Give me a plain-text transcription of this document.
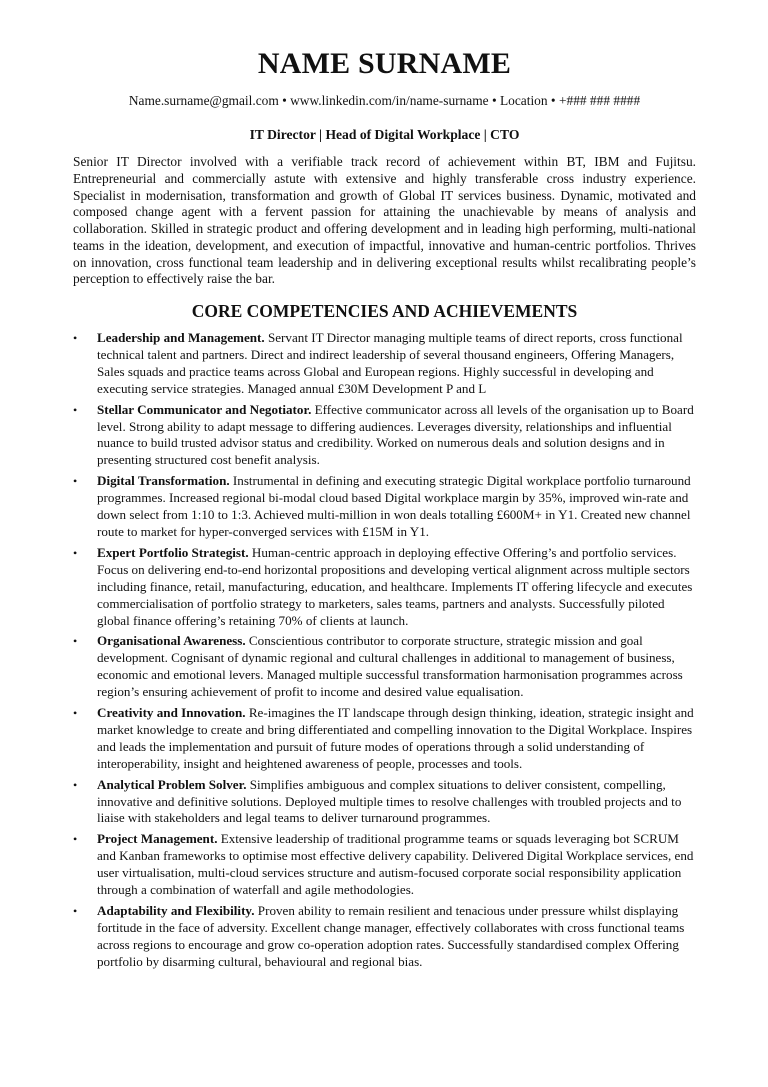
NAME SURNAME
Name.surname@gmail.com • www.linkedin.com/in/name-surname • Location • +### ### ####
IT Director | Head of Digital Workplace | CTO

Senior IT Director involved with a verifiable track record of achievement within BT, IBM and Fujitsu. Entrepreneurial and commercially astute with extensive and highly transferable cross industry experience. Specialist in modernisation, transformation and growth of Global IT services business. Dynamic, motivated and composed change agent with a fervent passion for attaining the unachievable by means of analysis and collaboration. Skilled in strategic product and offering development and in leading high performing, multi-national teams in the ideation, development, and execution of impactful, innovative and human-centric portfolios. Thrives on innovation, cross functional team leadership and in delivering exceptional results whilst recalibrating people’s perception to effectively raise the bar.

CORE COMPETENCIES AND ACHIEVEMENTS
• Leadership and Management. Servant IT Director managing multiple teams of direct reports, cross functional technical talent and partners. Direct and indirect leadership of several thousand engineers, Offering Managers, Sales squads and practice teams across Global and European regions. Highly successful in developing and executing service strategies. Managed annual £30M Development P and L
• Stellar Communicator and Negotiator. Effective communicator across all levels of the organisation up to Board level. Strong ability to adapt message to differing audiences. Leverages diversity, relationships and influential nuance to build trusted advisor status and credibility. Worked on numerous deals and solution designs and in presenting structured cost benefit analysis.
• Digital Transformation. Instrumental in defining and executing strategic Digital workplace portfolio turnaround programmes. Increased regional bi-modal cloud based Digital workplace margin by 35%, improved win-rate and down select from 1:10 to 1:3. Achieved multi-million in won deals totalling £600M+ in Y1. Created new channel route to market for hyper-converged services with £15M in Y1.
• Expert Portfolio Strategist. Human-centric approach in deploying effective Offering’s and portfolio services. Focus on delivering end-to-end horizontal propositions and developing vertical alignment across multiple sectors including finance, retail, manufacturing, education, and healthcare. Implements IT offering lifecycle and executes commercialisation of portfolio strategy to marketers, sales teams, partners and analysts. Successfully piloted global finance offering’s retaining 70% of clients at launch.
• Organisational Awareness. Conscientious contributor to corporate structure, strategic mission and goal development. Cognisant of dynamic regional and cultural challenges in additional to management of business, economic and emotional levers. Managed multiple successful transformation harmonisation programmes across region’s ensuring achievement of profit to income and desired value equalisation.
• Creativity and Innovation. Re-imagines the IT landscape through design thinking, ideation, strategic insight and market knowledge to create and bring differentiated and compelling innovation to the Digital Workplace. Inspires and leads the implementation and pursuit of future modes of operations through a solid understanding of interoperability, insight and heightened awareness of people, processes and tools.
• Analytical Problem Solver. Simplifies ambiguous and complex situations to deliver consistent, compelling, innovative and definitive solutions. Deployed multiple times to resolve challenges with troubled projects and to liaise with stakeholders and legal teams to deliver turnaround programmes.
• Project Management. Extensive leadership of traditional programme teams or squads leveraging bot SCRUM and Kanban frameworks to optimise most effective delivery capability. Delivered Digital Workplace services, end user virtualisation, multi-cloud services structure and autism-focused corporate social responsibility application through a combination of waterfall and agile methodologies.
• Adaptability and Flexibility. Proven ability to remain resilient and tenacious under pressure whilst displaying fortitude in the face of adversity. Excellent change manager, effectively collaborates with cross functional teams across regions to encourage and grow co-operation adoption rates. Successfully standardised complex Offering portfolio by disarming cultural, behavioural and regional bias.
